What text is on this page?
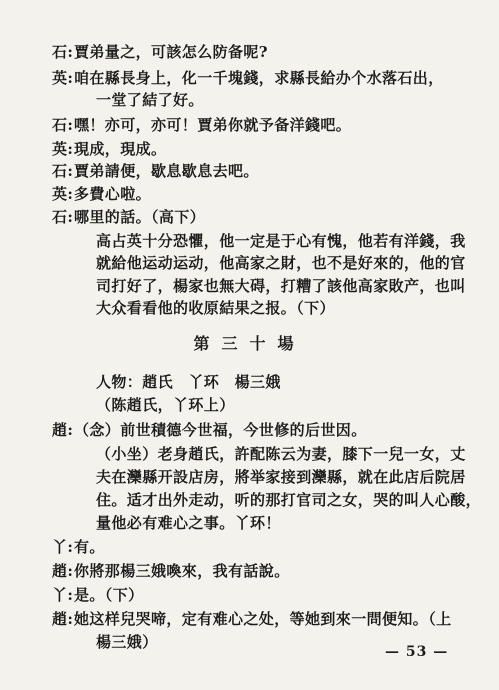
石:賈弟量之，可該怎么防备呢?
英:咱在縣長身上，化一千塊錢，求縣長給办个水落石出，
一堂了結了好。
石:嘿！亦可，亦可！賈弟你就予备洋錢吧。
英:現成，現成。
石:賈弟請便，歇息歇息去吧。
英:多費心啦。
石:哪里的話。（高下）
高占英十分恐懼，他一定是于心有愧，他若有洋錢，我
就給他运动运动，他高家之財，也不是好來的，他的官
司打好了，楊家也無大碍，打糟了該他高家敗产，也叫
大众看看他的收原結果之报。（下）
第三十場
人物：趙氏　丫环　楊三娥
（陈趙氏，丫环上）
趙:（念）前世積德今世福，今世修的后世因。
（小坐）老身趙氏，許配陈云为妻，膝下一兒一女，丈
夫在灤縣开設店房，將举家接到灤縣，就在此店后院居
住。适才出外走动，听的那打官司之女，哭的叫人心酸，
量他必有难心之事。丫环！
丫:有。
趙:你將那楊三娥喚來，我有話說。
丫:是。（下）
趙:她这样兒哭啼，定有难心之处，等她到來一問便知。（上
楊三娥）
— 53 —
